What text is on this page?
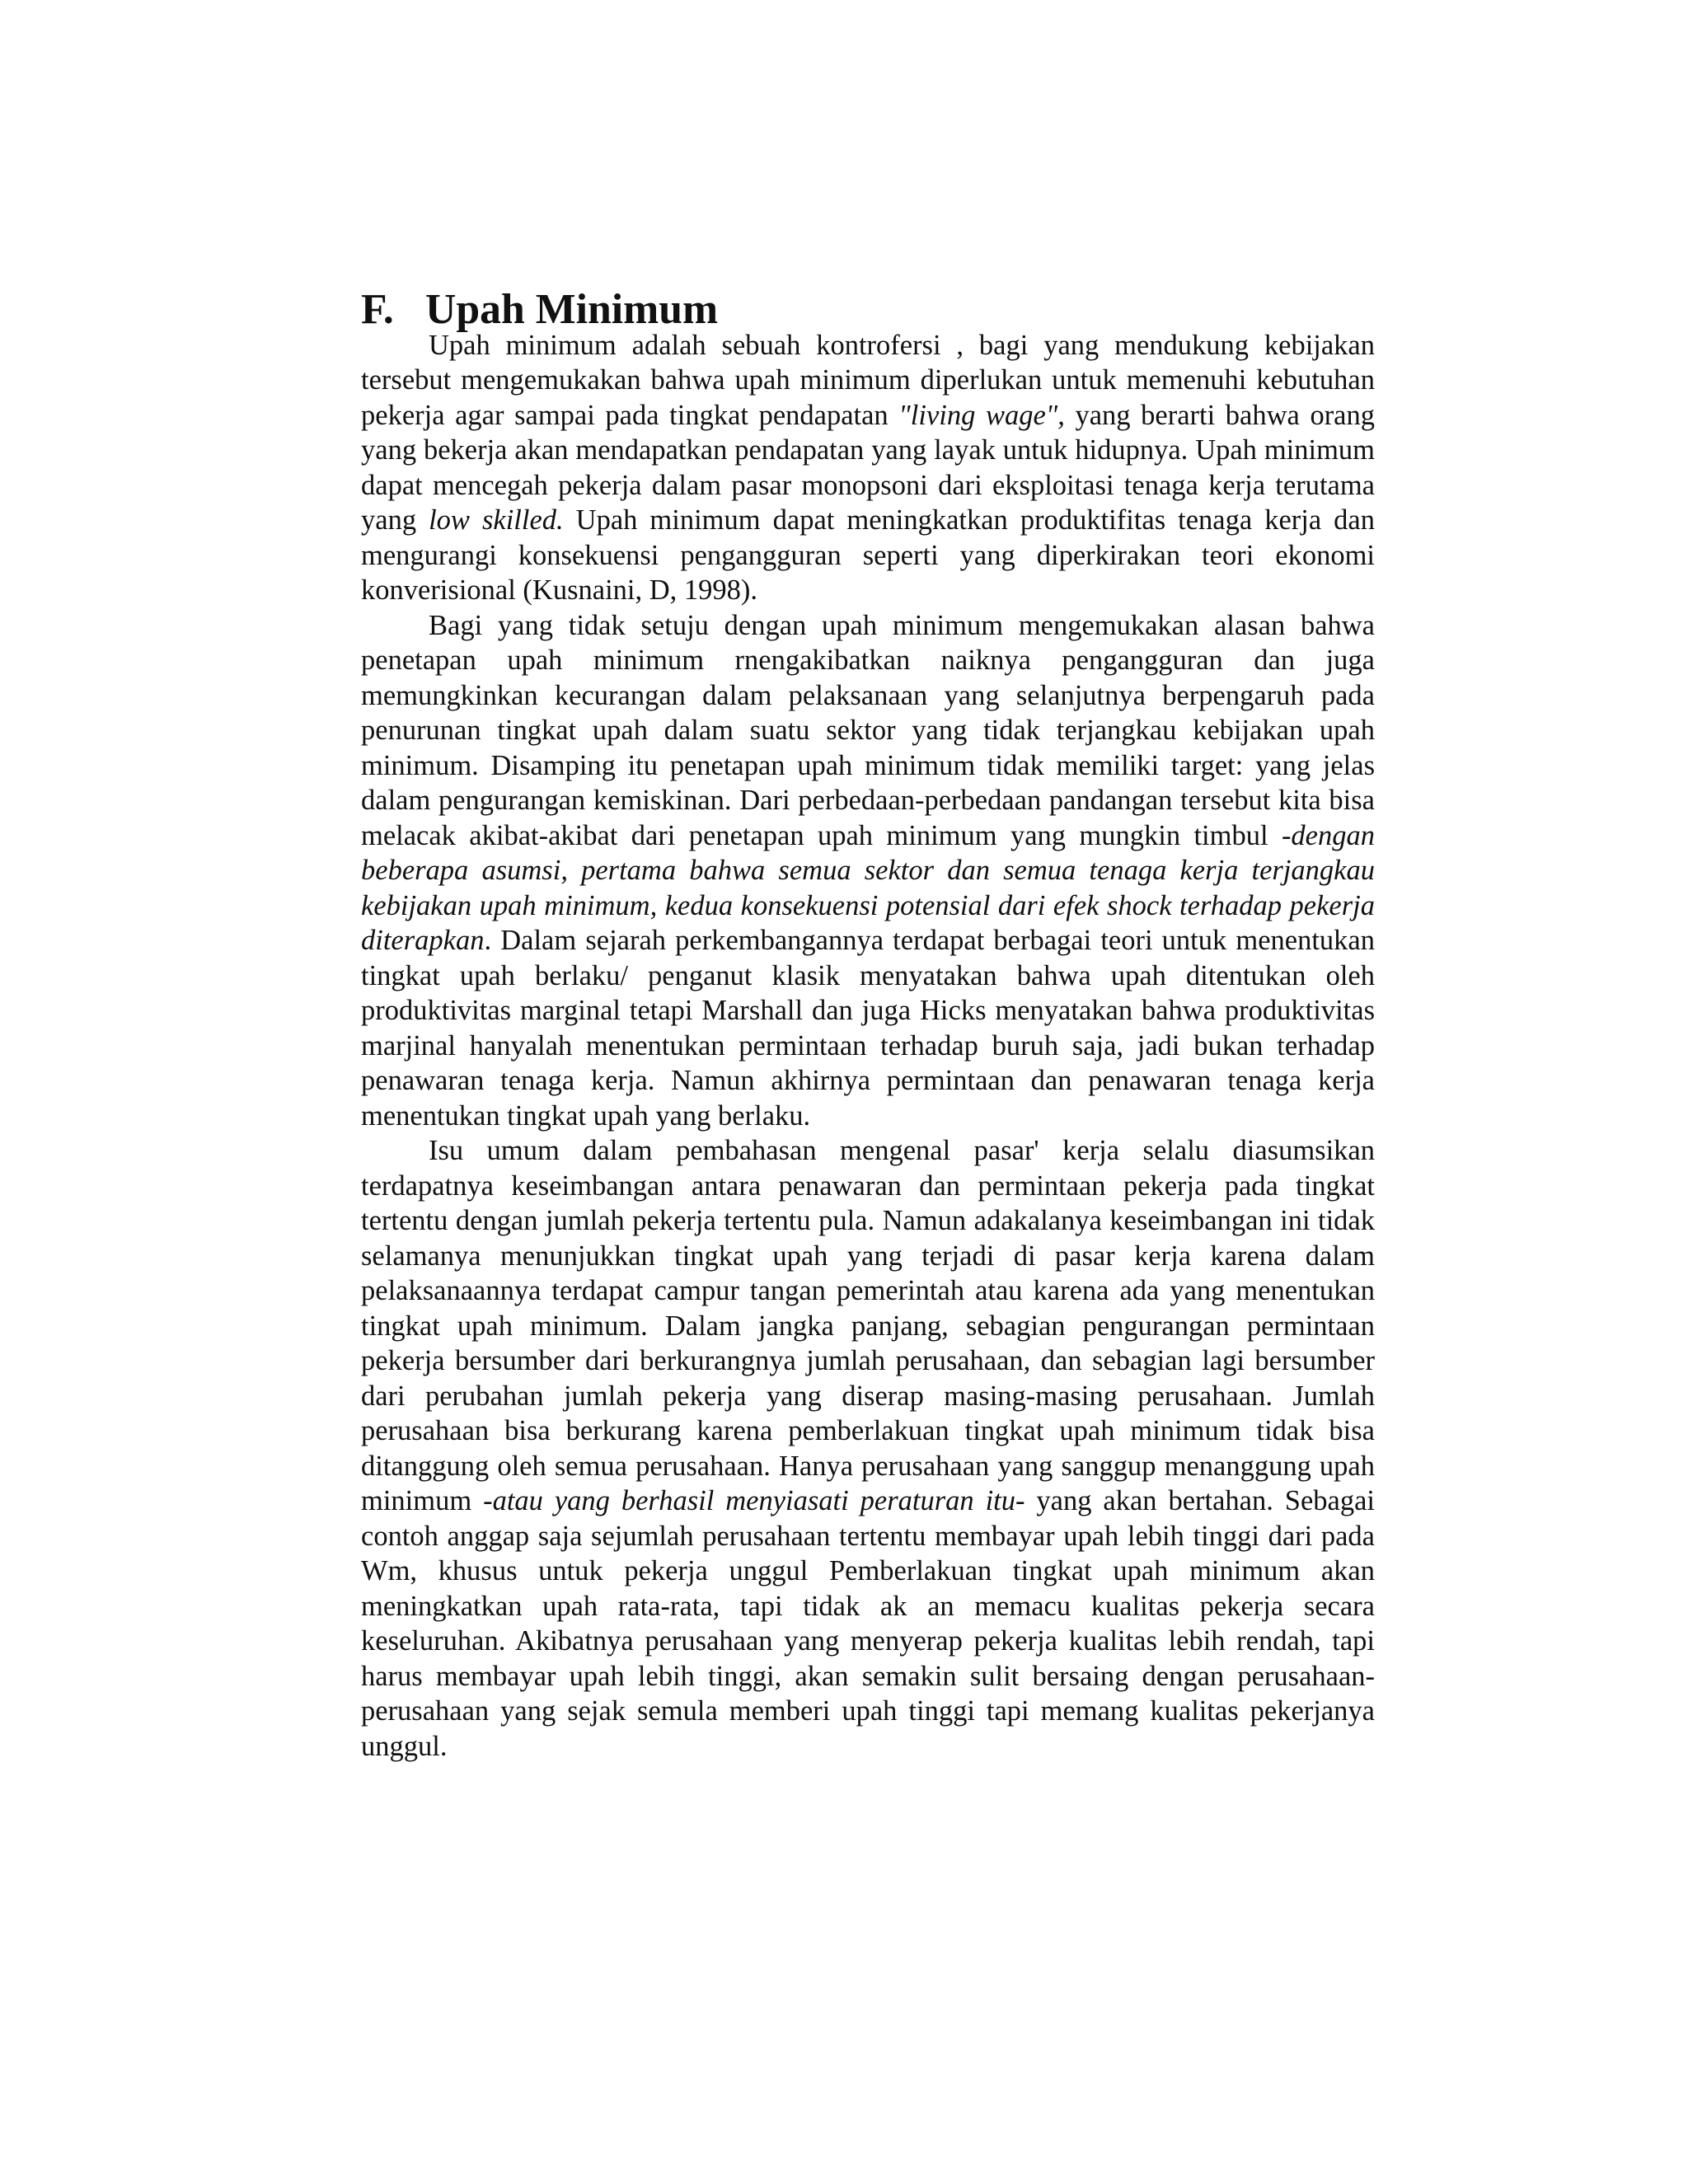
F. Upah Minimum

Upah minimum adalah sebuah kontrofersi , bagi yang mendukung kebijakan tersebut mengemukakan bahwa upah minimum diperlukan untuk memenuhi kebutuhan pekerja agar sampai pada tingkat pendapatan "living wage", yang berarti bahwa orang yang bekerja akan mendapatkan pendapatan yang layak untuk hidupnya. Upah minimum dapat mencegah pekerja dalam pasar monopsoni dari eksploitasi tenaga kerja terutama yang low skilled. Upah minimum dapat meningkatkan produktifitas tenaga kerja dan mengurangi konsekuensi pengangguran seperti yang diperkirakan teori ekonomi konverisional (Kusnaini, D, 1998).

Bagi yang tidak setuju dengan upah minimum mengemukakan alasan bahwa penetapan upah minimum rnengakibatkan naiknya pengangguran dan juga memungkinkan kecurangan dalam pelaksanaan yang selanjutnya berpengaruh pada penurunan tingkat upah dalam suatu sektor yang tidak terjangkau kebijakan upah minimum. Disamping itu penetapan upah minimum tidak memiliki target: yang jelas dalam pengurangan kemiskinan. Dari perbedaan-perbedaan pandangan tersebut kita bisa melacak akibat-akibat dari penetapan upah minimum yang mungkin timbul -dengan beberapa asumsi, pertama bahwa semua sektor dan semua tenaga kerja terjangkau kebijakan upah minimum, kedua konsekuensi potensial dari efek shock terhadap pekerja diterapkan. Dalam sejarah perkembangannya terdapat berbagai teori untuk menentukan tingkat upah berlaku/ penganut klasik menyatakan bahwa upah ditentukan oleh produktivitas marginal tetapi Marshall dan juga Hicks menyatakan bahwa produktivitas marjinal hanyalah menentukan permintaan terhadap buruh saja, jadi bukan terhadap penawaran tenaga kerja. Namun akhirnya permintaan dan penawaran tenaga kerja menentukan tingkat upah yang berlaku.

Isu umum dalam pembahasan mengenal pasar' kerja selalu diasumsikan terdapatnya keseimbangan antara penawaran dan permintaan pekerja pada tingkat tertentu dengan jumlah pekerja tertentu pula. Namun adakalanya keseimbangan ini tidak selamanya menunjukkan tingkat upah yang terjadi di pasar kerja karena dalam pelaksanaannya terdapat campur tangan pemerintah atau karena ada yang menentukan tingkat upah minimum. Dalam jangka panjang, sebagian pengurangan permintaan pekerja bersumber dari berkurangnya jumlah perusahaan, dan sebagian lagi bersumber dari perubahan jumlah pekerja yang diserap masing-masing perusahaan. Jumlah perusahaan bisa berkurang karena pemberlakuan tingkat upah minimum tidak bisa ditanggung oleh semua perusahaan. Hanya perusahaan yang sanggup menanggung upah minimum -atau yang berhasil menyiasati peraturan itu- yang akan bertahan. Sebagai contoh anggap saja sejumlah perusahaan tertentu membayar upah lebih tinggi dari pada Wm, khusus untuk pekerja unggul Pemberlakuan tingkat upah minimum akan meningkatkan upah rata-rata, tapi tidak ak an memacu kualitas pekerja secara keseluruhan. Akibatnya perusahaan yang menyerap pekerja kualitas lebih rendah, tapi harus membayar upah lebih tinggi, akan semakin sulit bersaing dengan perusahaan-perusahaan yang sejak semula memberi upah tinggi tapi memang kualitas pekerjanya unggul.
